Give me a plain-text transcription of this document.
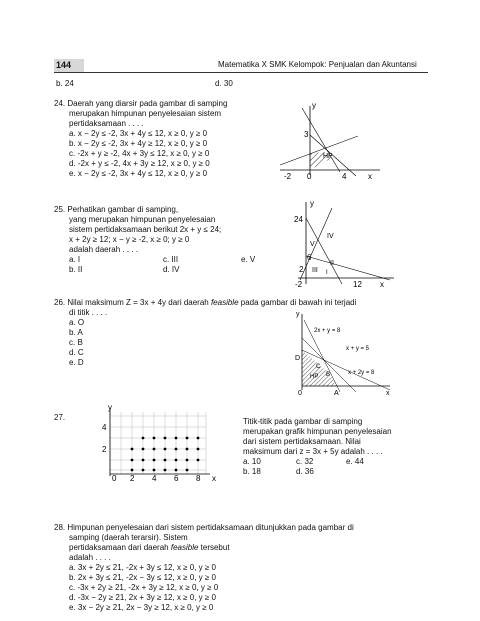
144	Matematika X SMK Kelompok: Penjualan dan Akuntansi
b. 24	d. 30
24. Daerah yang diarsir pada gambar di samping
merupakan himpunan penyelesaian sistem
pertidaksamaan . . . .
a. x − 2y ≤ -2, 3x + 4y ≤ 12, x ≥ 0, y ≥ 0
b. x − 2y ≤ -2, 3x + 4y ≥ 12, x ≥ 0, y ≥ 0
c. -2x + y ≥ -2, 4x + 3y ≤ 12, x ≥ 0, y ≥ 0
d. -2x + y ≤ -2, 4x + 3y ≥ 12, x ≥ 0, y ≥ 0
e. x − 2y ≤ -2, 3x + 4y ≤ 12, x ≥ 0, y ≥ 0
y
3
HP
-2 0	4	x
25. Perhatikan gambar di samping,
yang merupakan himpunan penyelesaian
sistem pertidaksamaan berikut 2x + y ≤ 24;
x + 2y ≥ 12; x − y ≥ -2, x ≥ 0; y ≥ 0
adalah daerah . . . .
a. I
b. II
c. III
d. IV
e. V
y
24
6
2
-2	12 x
V
IV
II
III I
26. Nilai maksimum Z = 3x + 4y dari daerah feasible pada gambar di bawah ini terjadi
di titik . . . .
a. O
b. A
c. B
d. C
e. D
y
2x + y = 8
x + y = 5
x + 2y = 8
D
C
HP B
0	A	x
27.
y
4
2
0 2 4 6 8 x
Titik-titik pada gambar di samping
merupakan grafik himpunan penyelesaian
dari sistem pertidaksamaan. Nilai
maksimum dari z = 3x + 5y adalah . . . .
a. 10
b. 18
c. 32
d. 36
e. 44
28. Himpunan penyelesaian dari sistem pertidaksamaan ditunjukkan pada gambar di
samping (daerah terarsir). Sistem
pertidaksamaan dari daerah feasible tersebut
adalah . . . .
a. 3x + 2y ≤ 21, -2x + 3y ≤ 12, x ≥ 0, y ≥ 0
b. 2x + 3y ≤ 21, -2x − 3y ≤ 12, x ≥ 0, y ≥ 0
c. -3x + 2y ≥ 21, -2x + 3y ≥ 12, x ≥ 0, y ≥ 0
d. -3x − 2y ≥ 21, 2x + 3y ≥ 12, x ≥ 0, y ≥ 0
e. 3x − 2y ≥ 21, 2x − 3y ≥ 12, x ≥ 0, y ≥ 0
